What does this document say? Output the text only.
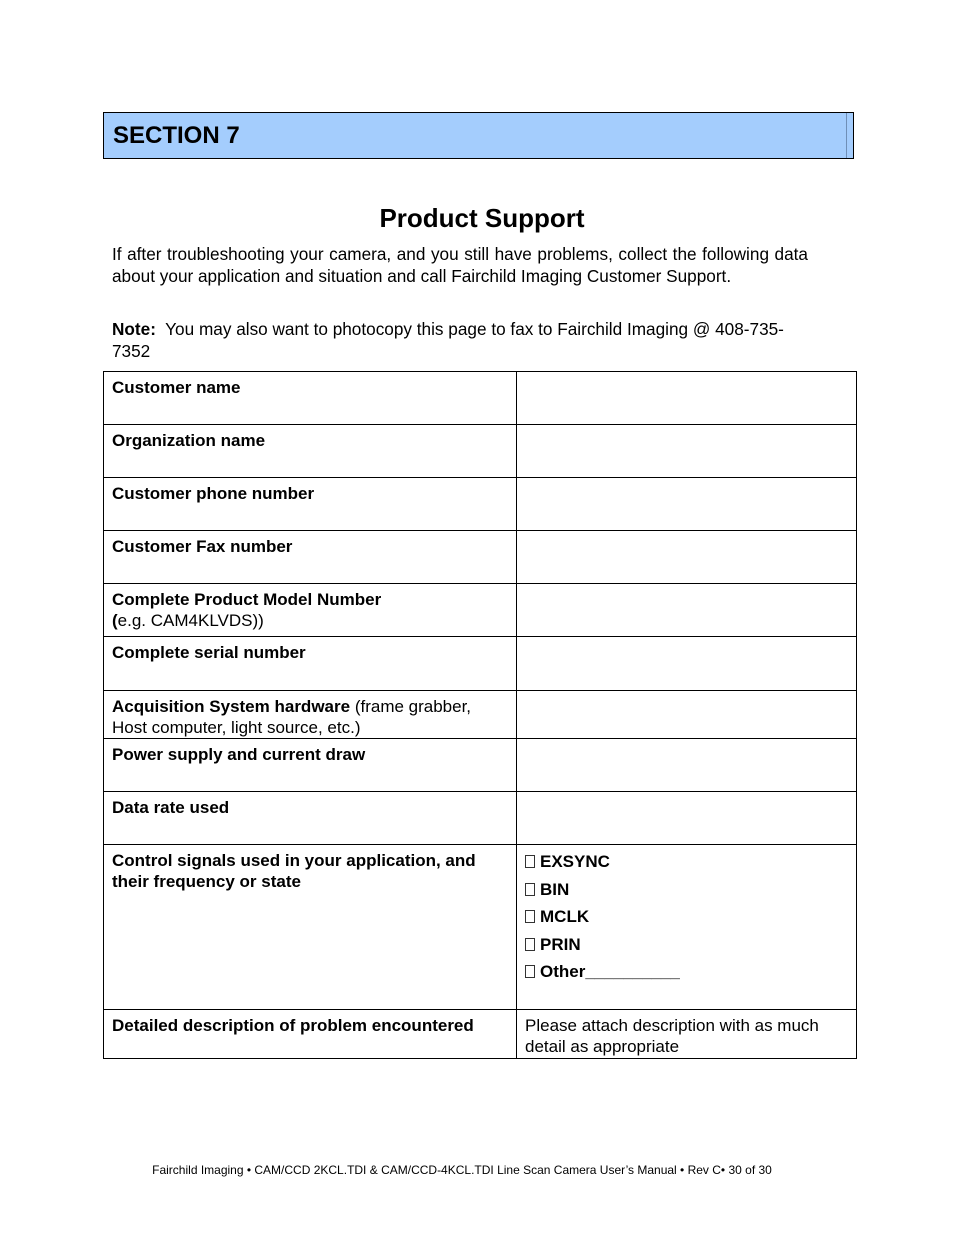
SECTION 7
Product Support

If after troubleshooting your camera, and you still have problems, collect the following data about your application and situation and call Fairchild Imaging Customer Support.

Note: You may also want to photocopy this page to fax to Fairchild Imaging @ 408-735-7352

Customer name	
Organization name	
Customer phone number	
Customer Fax number	

Complete Product Model Number
(e.g. CAM4KLVDS))	

Complete serial number	
Acquisition System hardware (frame grabber, Host computer, light source, etc.)	
Power supply and current draw	
Data rate used	
Control signals used in your application, and their frequency or state	EXSYNC
BIN
MCLK
PRIN
Other__________

Detailed description of problem encountered	Please attach description with as much detail as appropriate
Fairchild Imaging • CAM/CCD 2KCL.TDI & CAM/CCD-4KCL.TDI Line Scan Camera User’s Manual • Rev C• 30 of 30
